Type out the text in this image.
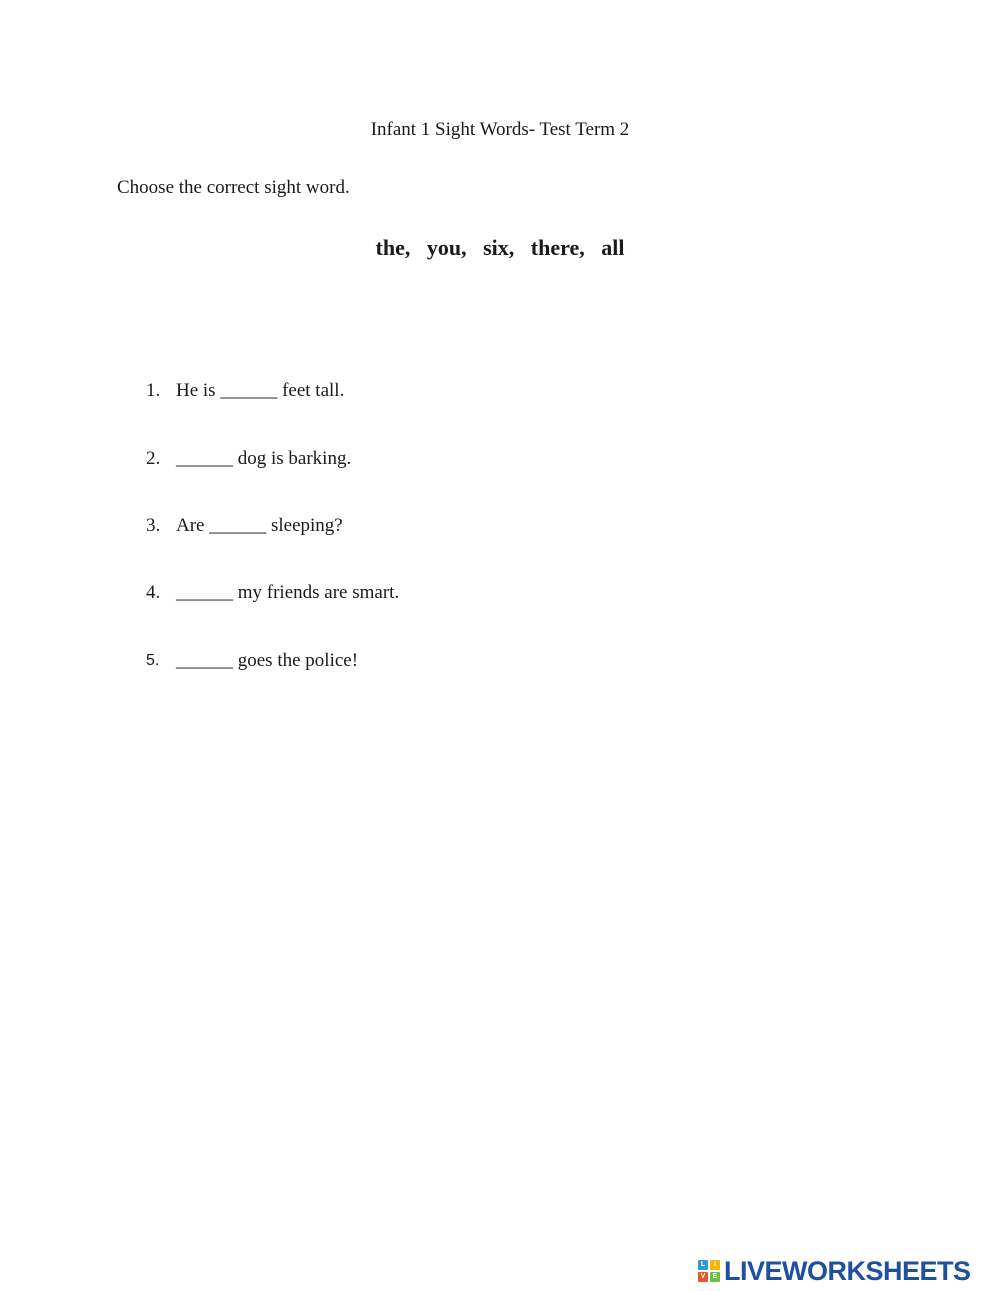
Infant 1 Sight Words- Test Term 2
Choose the correct sight word.
the,   you,   six,   there,   all
1. He is ______ feet tall.
2. ______ dog is barking.
3. Are ______ sleeping?
4. ______ my friends are smart.
5. ______ goes the police!
L	I
V	E LIVEWORKSHEETS
